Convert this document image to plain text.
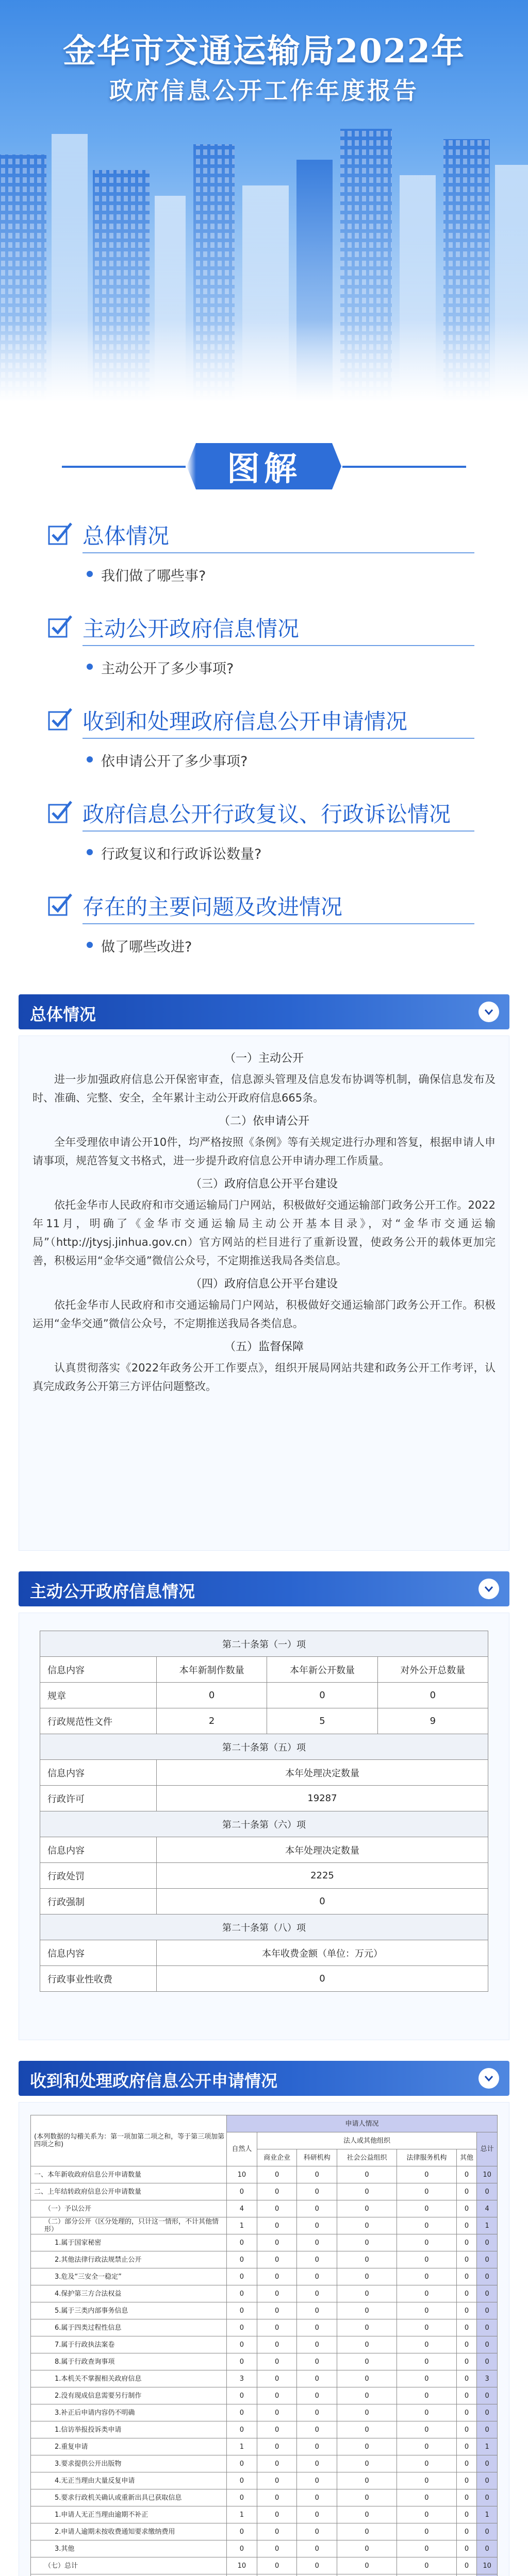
金华市交通运输局2022年
政府信息公开工作年度报告
图解
总体情况
我们做了哪些事?
主动公开政府信息情况
主动公开了多少事项?
收到和处理政府信息公开申请情况
依申请公开了多少事项?
政府信息公开行政复议、行政诉讼情况
行政复议和行政诉讼数量?
存在的主要问题及改进情况
做了哪些改进?
总体情况
（一）主动公开

进一步加强政府信息公开保密审查，信息源头管理及信息发布协调等机制，确保信息发布及时、准确、完整、安全，全年累计主动公开政府信息665条。

（二）依申请公开

全年受理依申请公开10件，均严格按照《条例》等有关规定进行办理和答复，根据申请人申请事项，规范答复文书格式，进一步提升政府信息公开申请办理工作质量。

（三）政府信息公开平台建设

依托金华市人民政府和市交通运输局门户网站，积极做好交通运输部门政务公开工作。2022年11月，明确了《金华市交通运输局主动公开基本目录》，对“金华市交通运输局”（http://jtysj.jinhua.gov.cn）官方网站的栏目进行了重新设置，使政务公开的载体更加完善，积极运用“金华交通”微信公众号，不定期推送我局各类信息。

（四）政府信息公开平台建设

依托金华市人民政府和市交通运输局门户网站，积极做好交通运输部门政务公开工作。积极运用“金华交通”微信公众号，不定期推送我局各类信息。

（五）监督保障

认真贯彻落实《2022年政务公开工作要点》，组织开展局网站共建和政务公开工作考评，认真完成政务公开第三方评估问题整改。

主动公开政府信息情况
第二十条第（一）项			
信息内容	本年新制作数量	本年新公开数量	对外公开总数量
规章	0	0	0
行政规范性文件	2	5	9
第二十条第（五）项			
信息内容	本年处理决定数量		
行政许可	19287		
第二十条第（六）项			
信息内容	本年处理决定数量		
行政处罚	2225		
行政强制	0		
第二十条第（八）项			
信息内容	本年收费金额（单位：万元）		
行政事业性收费	0		
收到和处理政府信息公开申请情况
(本列数据的勾稽关系为：第一项加第二项之和，等于第三项加第四项之和)	申请人情况						
	自然人	法人或其他组织					总计
		商业企业	科研机构	社会公益组织	法律服务机构	其他	
一、本年新收政府信息公开申请数量	10	0	0	0	0	0	10
二、上年结转政府信息公开申请数量	0	0	0	0	0	0	0
（一）予以公开	4	0	0	0	0	0	4
（二）部分公开（区分处理的，只计这一情形，不计其他情形）	1	0	0	0	0	0	1
1.属于国家秘密	0	0	0	0	0	0	0
2.其他法律行政法规禁止公开	0	0	0	0	0	0	0
3.危及“三安全一稳定”	0	0	0	0	0	0	0
4.保护第三方合法权益	0	0	0	0	0	0	0
5.属于三类内部事务信息	0	0	0	0	0	0	0
6.属于四类过程性信息	0	0	0	0	0	0	0
7.属于行政执法案卷	0	0	0	0	0	0	0
8.属于行政查询事项	0	0	0	0	0	0	0
1.本机关不掌握相关政府信息	3	0	0	0	0	0	3
2.没有现成信息需要另行制作	0	0	0	0	0	0	0
3.补正后申请内容仍不明确	0	0	0	0	0	0	0
1.信访举报投诉类申请	0	0	0	0	0	0	0
2.重复申请	1	0	0	0	0	0	1
3.要求提供公开出版物	0	0	0	0	0	0	0
4.无正当理由大量反复申请	0	0	0	0	0	0	0
5.要求行政机关确认或重新出具已获取信息	0	0	0	0	0	0	0
1.申请人无正当理由逾期不补正	1	0	0	0	0	0	1
2.申请人逾期未按收费通知要求缴纳费用	0	0	0	0	0	0	0
3.其他	0	0	0	0	0	0	0
（七）总计	10	0	0	0	0	0	10
